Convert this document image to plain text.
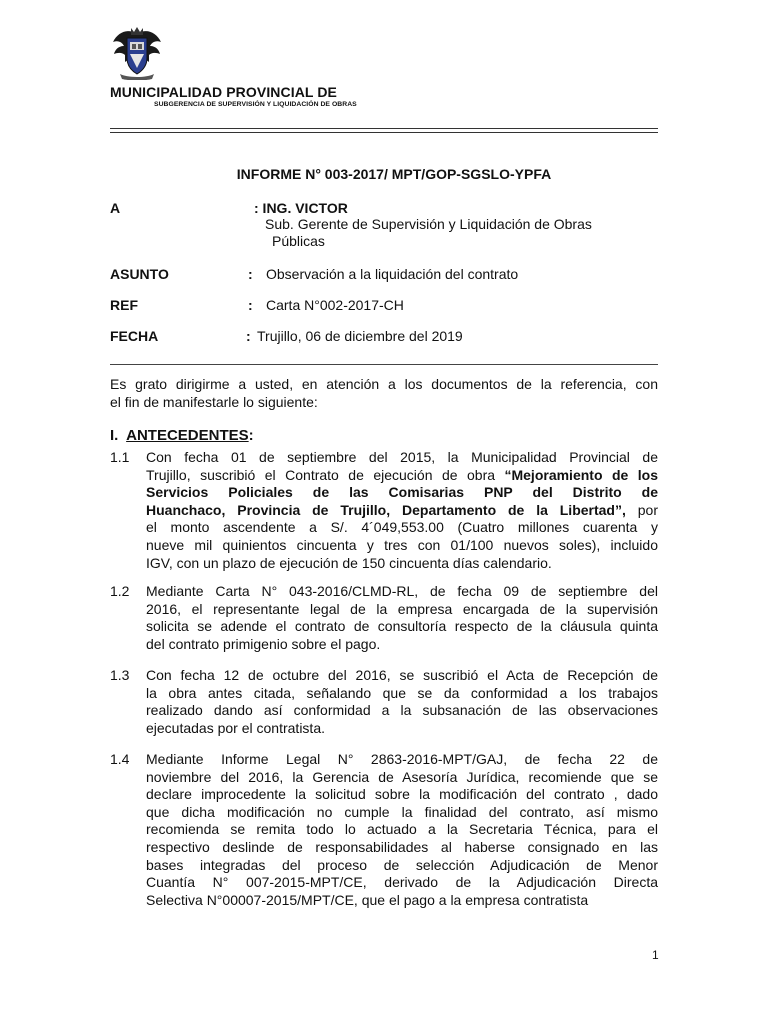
MUNICIPALIDAD PROVINCIAL DE
SUBGERENCIA DE SUPERVISIÓN Y LIQUIDACIÓN DE OBRAS
INFORME N° 003-2017/ MPT/GOP-SGSLO-YPFA
A	: ING. VICTOR
Sub. Gerente de Supervisión y Liquidación de Obras
Públicas
ASUNTO	: Observación a la liquidación del contrato
REF	: Carta N°002-2017-CH
FECHA	: Trujillo, 06 de diciembre del 2019
Es grato dirigirme a usted, en atención a los documentos de la referencia, con
el fin de manifestarle lo siguiente:
I. ANTECEDENTES:
1.1 Con fecha 01 de septiembre del 2015, la Municipalidad Provincial de
Trujillo, suscribió el Contrato de ejecución de obra “Mejoramiento de los
Servicios Policiales de las Comisarias PNP del Distrito de
Huanchaco, Provincia de Trujillo, Departamento de la Libertad”, por
el monto ascendente a S/. 4´049,553.00 (Cuatro millones cuarenta y
nueve mil quinientos cincuenta y tres con 01/100 nuevos soles), incluido
IGV, con un plazo de ejecución de 150 cincuenta días calendario.
1.2 Mediante Carta N° 043-2016/CLMD-RL, de fecha 09 de septiembre del
2016, el representante legal de la empresa encargada de la supervisión
solicita se adende el contrato de consultoría respecto de la cláusula quinta
del contrato primigenio sobre el pago.
1.3 Con fecha 12 de octubre del 2016, se suscribió el Acta de Recepción de
la obra antes citada, señalando que se da conformidad a los trabajos
realizado dando así conformidad a la subsanación de las observaciones
ejecutadas por el contratista.
1.4 Mediante Informe Legal N° 2863-2016-MPT/GAJ, de fecha 22 de
noviembre del 2016, la Gerencia de Asesoría Jurídica, recomiende que se
declare improcedente la solicitud sobre la modificación del contrato , dado
que dicha modificación no cumple la finalidad del contrato, así mismo
recomienda se remita todo lo actuado a la Secretaria Técnica, para el
respectivo deslinde de responsabilidades al haberse consignado en las
bases integradas del proceso de selección Adjudicación de Menor
Cuantía N° 007-2015-MPT/CE, derivado de la Adjudicación Directa
Selectiva N°00007-2015/MPT/CE, que el pago a la empresa contratista
1
